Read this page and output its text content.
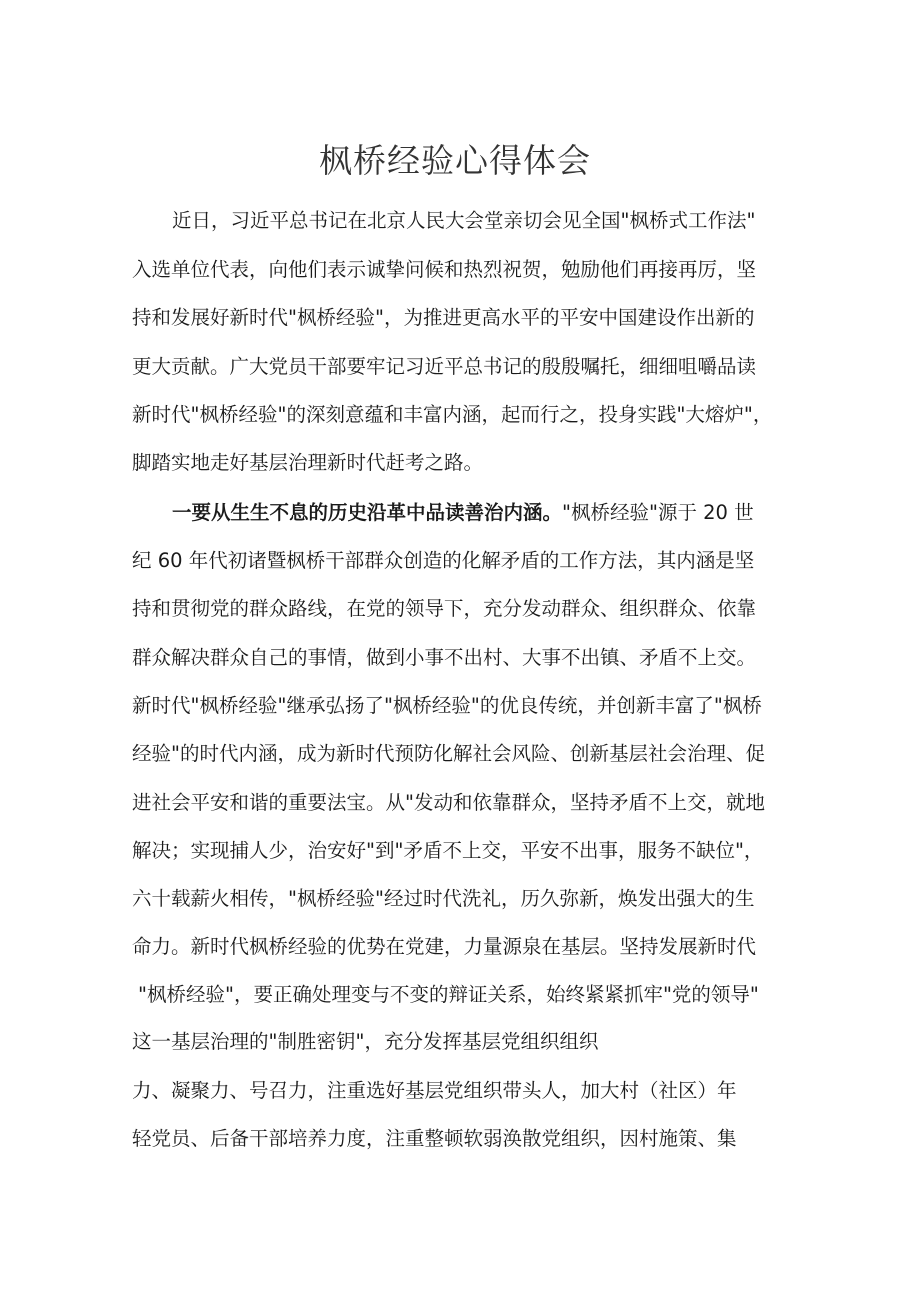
枫桥经验心得体会
近日，习近平总书记在北京人民大会堂亲切会见全国"枫桥式工作法"
入选单位代表，向他们表示诚挚问候和热烈祝贺，勉励他们再接再厉，坚
持和发展好新时代"枫桥经验"，为推进更高水平的平安中国建设作出新的
更大贡献。广大党员干部要牢记习近平总书记的殷殷嘱托，细细咀嚼品读
新时代"枫桥经验"的深刻意蕴和丰富内涵，起而行之，投身实践"大熔炉"，
脚踏实地走好基层治理新时代赶考之路。
一要从生生不息的历史沿革中品读善治内涵。"枫桥经验"源于 20 世
纪 60 年代初诸暨枫桥干部群众创造的化解矛盾的工作方法，其内涵是坚
持和贯彻党的群众路线，在党的领导下，充分发动群众、组织群众、依靠
群众解决群众自己的事情，做到小事不出村、大事不出镇、矛盾不上交。
新时代"枫桥经验"继承弘扬了"枫桥经验"的优良传统，并创新丰富了"枫桥
经验"的时代内涵，成为新时代预防化解社会风险、创新基层社会治理、促
进社会平安和谐的重要法宝。从"发动和依靠群众，坚持矛盾不上交，就地
解决；实现捕人少，治安好"到"矛盾不上交，平安不出事，服务不缺位"，
六十载薪火相传，"枫桥经验"经过时代洗礼，历久弥新，焕发出强大的生
命力。新时代枫桥经验的优势在党建，力量源泉在基层。坚持发展新时代
"枫桥经验"，要正确处理变与不变的辩证关系，始终紧紧抓牢"党的领导"
这一基层治理的"制胜密钥"，充分发挥基层党组织组织
力、凝聚力、号召力，注重选好基层党组织带头人，加大村（社区）年
轻党员、后备干部培养力度，注重整顿软弱涣散党组织，因村施策、集
